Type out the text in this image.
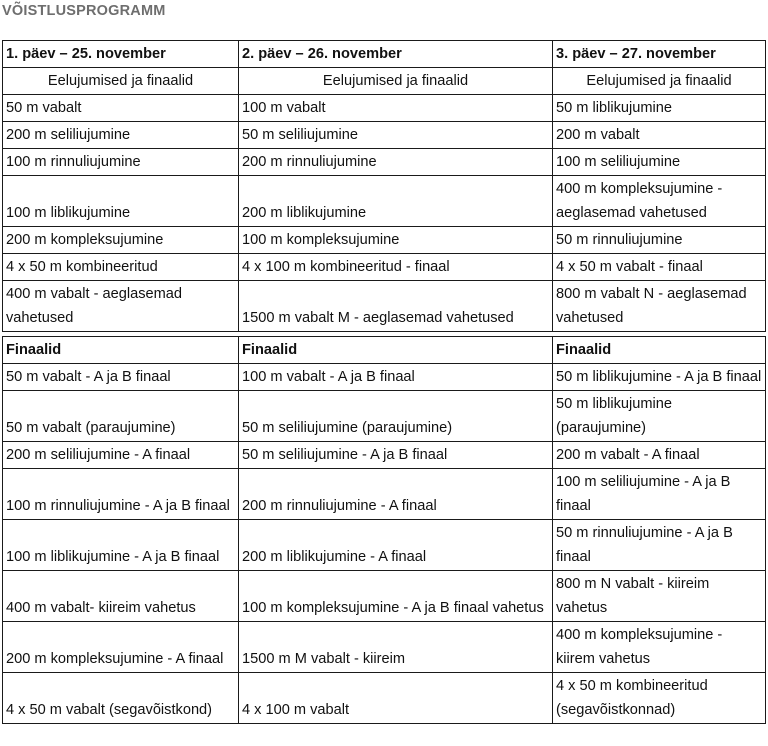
VÕISTLUSPROGRAMM
1. päev – 25. november	2. päev – 26. november	3. päev – 27. november
Eelujumised ja finaalid	Eelujumised ja finaalid	Eelujumised ja finaalid
50 m vabalt	100 m vabalt	50 m liblikujumine
200 m seliliujumine	50 m seliliujumine	200 m vabalt
100 m rinnuliujumine	200 m rinnuliujumine	100 m seliliujumine
100 m liblikujumine	200 m liblikujumine	400 m kompleksujumine - aeglasemad vahetused
200 m kompleksujumine	100 m kompleksujumine	50 m rinnuliujumine
4 x 50 m kombineeritud	4 x 100 m kombineeritud - finaal	4 x 50 m vabalt - finaal
400 m vabalt - aeglasemad vahetused	1500 m vabalt M - aeglasemad vahetused	800 m vabalt N - aeglasemad vahetused
Finaalid	Finaalid	Finaalid
50 m vabalt - A ja B finaal	100 m vabalt - A ja B finaal	50 m liblikujumine - A ja B finaal
50 m vabalt (paraujumine)	50 m seliliujumine (paraujumine)	50 m liblikujumine (paraujumine)
200 m seliliujumine - A finaal	50 m seliliujumine - A ja B finaal	200 m vabalt - A finaal
100 m rinnuliujumine - A ja B finaal	200 m rinnuliujumine - A finaal	100 m seliliujumine - A ja B finaal
100 m liblikujumine - A ja B finaal	200 m liblikujumine - A finaal	50 m rinnuliujumine - A ja B finaal
400 m vabalt- kiireim vahetus	100 m kompleksujumine - A ja B finaal vahetus	800 m N vabalt - kiireim vahetus
200 m kompleksujumine - A finaal	1500 m M vabalt - kiireim	400 m kompleksujumine - kiirem vahetus
4 x 50 m vabalt (segavõistkond)	4 x 100 m vabalt	4 x 50 m kombineeritud (segavõistkonnad)
